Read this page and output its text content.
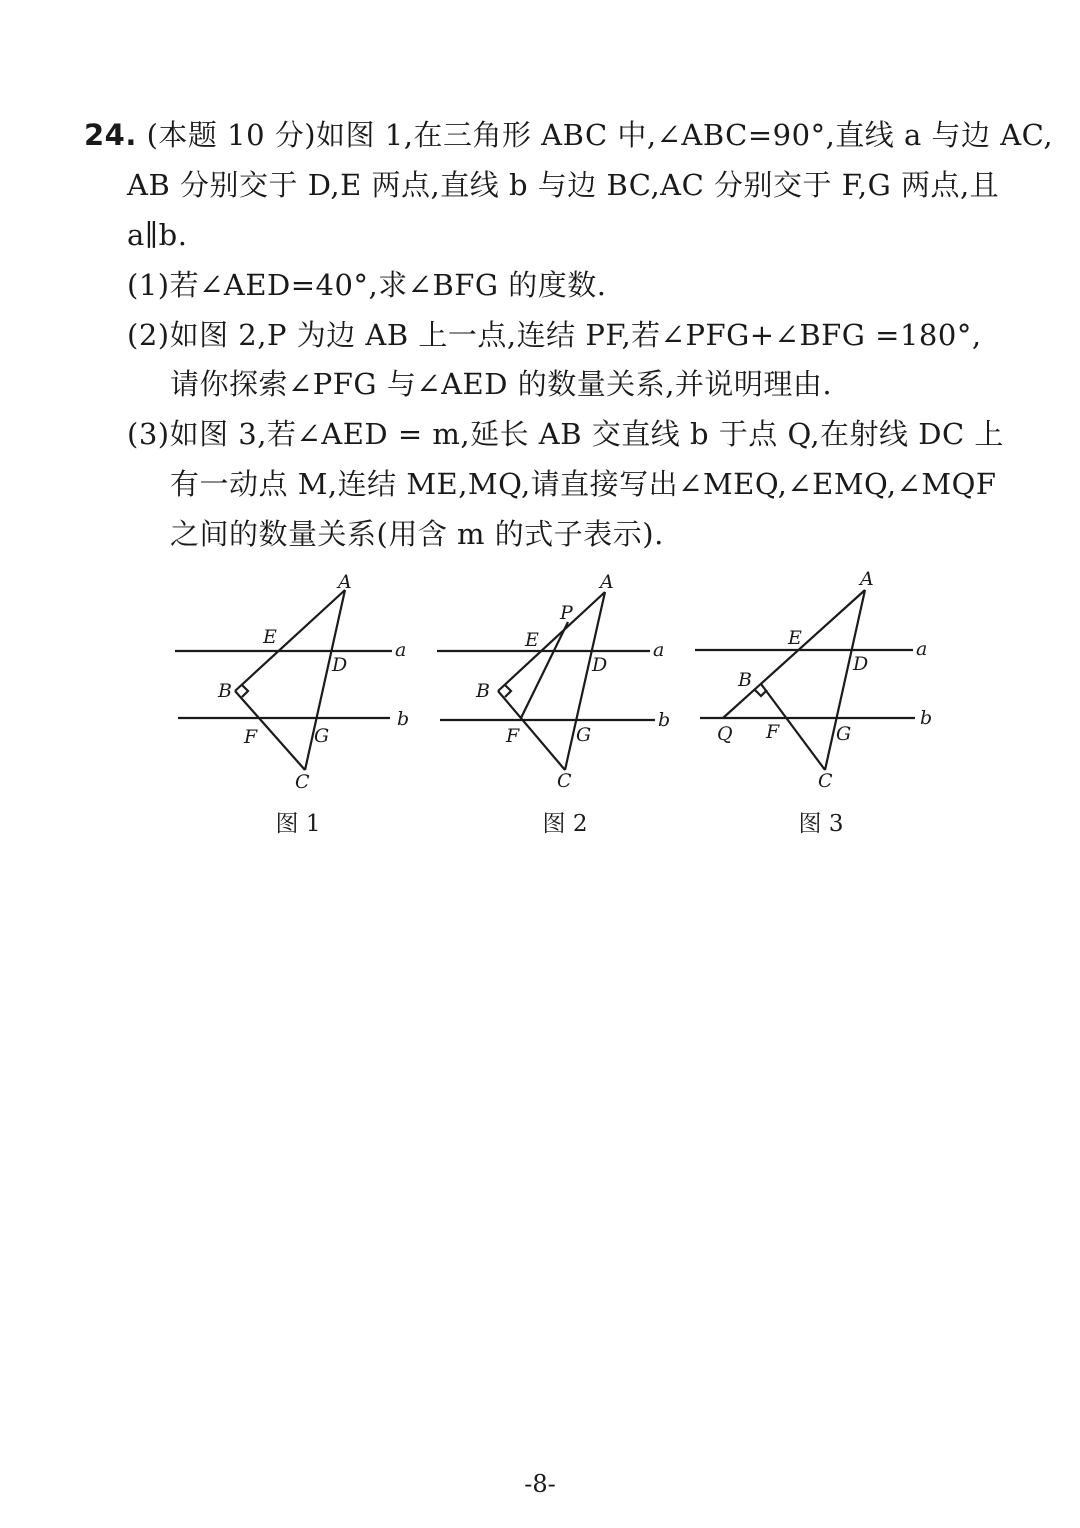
24. (本题 10 分)如图 1,在三角形 ABC 中,∠ABC=90°,直线 a 与边 AC,
AB 分别交于 D,E 两点,直线 b 与边 BC,AC 分别交于 F,G 两点,且
a∥b.
(1)若∠AED=40°,求∠BFG 的度数.
(2)如图 2,P 为边 AB 上一点,连结 PF,若∠PFG+∠BFG =180°,
请你探索∠PFG 与∠AED 的数量关系,并说明理由.
(3)如图 3,若∠AED = m,延长 AB 交直线 b 于点 Q,在射线 DC 上
有一动点 M,连结 ME,MQ,请直接写出∠MEQ,∠EMQ,∠MQF
之间的数量关系(用含 m 的式子表示).
A
E
D
a
B
b
F	G
C
A
P
E
D
a
B
b
F	G
C
A
E
D
a
B
b
Q F	G
C
图 1	图 2	图 3
-8-
